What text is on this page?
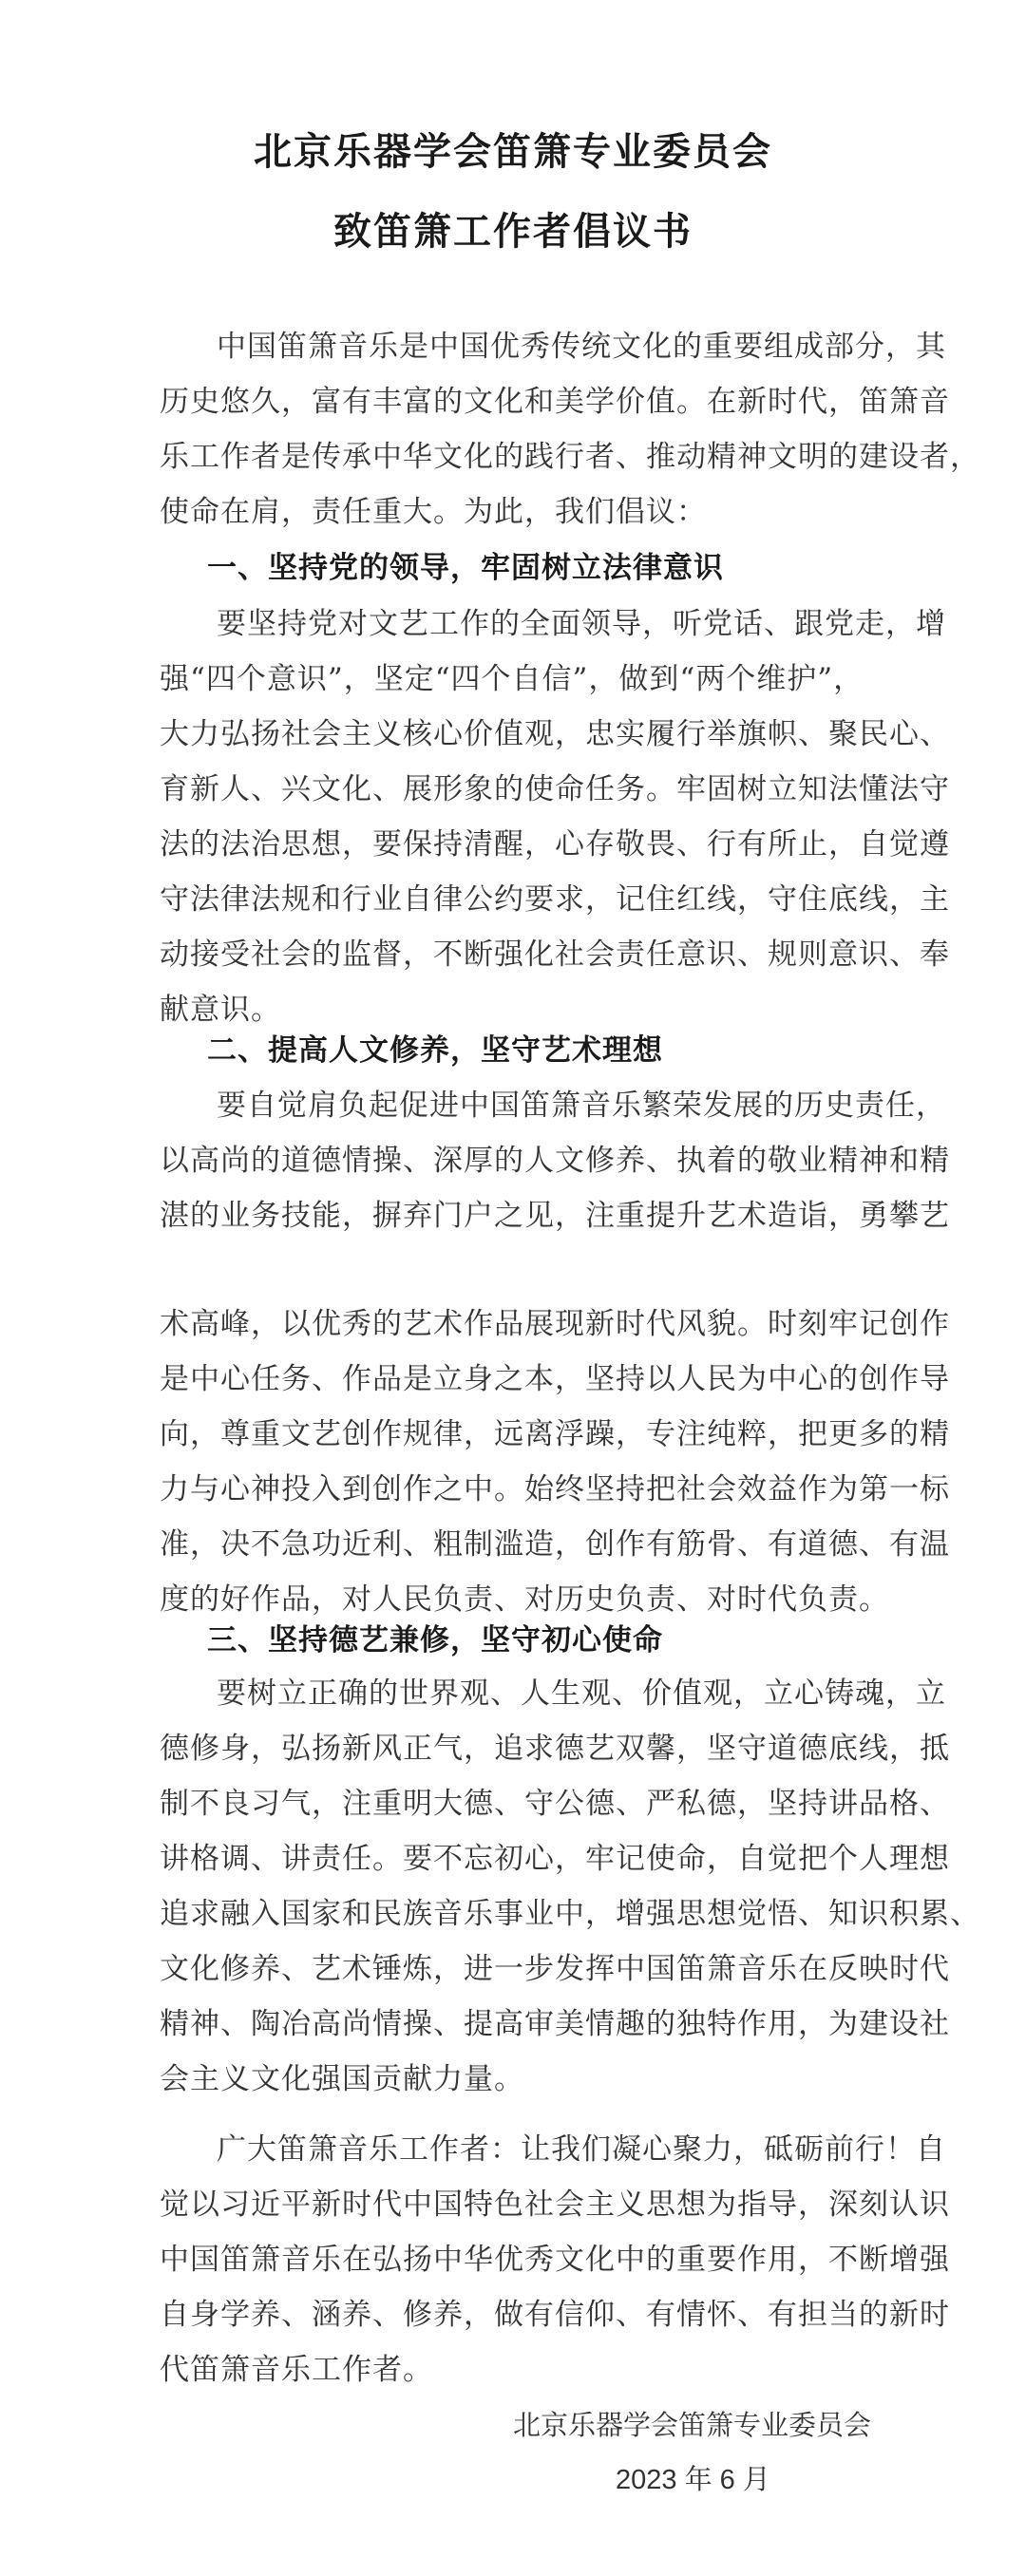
北京乐器学会笛箫专业委员会
致笛箫工作者倡议书
中国笛箫音乐是中国优秀传统文化的重要组成部分，其
历史悠久，富有丰富的文化和美学价值。在新时代，笛箫音
乐工作者是传承中华文化的践行者、推动精神文明的建设者，
使命在肩，责任重大。为此，我们倡议：
一、坚持党的领导，牢固树立法律意识
要坚持党对文艺工作的全面领导，听党话、跟党走，增
强“四个意识”，坚定“四个自信”，做到“两个维护”，
大力弘扬社会主义核心价值观，忠实履行举旗帜、聚民心、
育新人、兴文化、展形象的使命任务。牢固树立知法懂法守
法的法治思想，要保持清醒，心存敬畏、行有所止，自觉遵
守法律法规和行业自律公约要求，记住红线，守住底线，主
动接受社会的监督，不断强化社会责任意识、规则意识、奉
献意识。
二、提高人文修养，坚守艺术理想
要自觉肩负起促进中国笛箫音乐繁荣发展的历史责任，
以高尚的道德情操、深厚的人文修养、执着的敬业精神和精
湛的业务技能，摒弃门户之见，注重提升艺术造诣，勇攀艺
术高峰，以优秀的艺术作品展现新时代风貌。时刻牢记创作
是中心任务、作品是立身之本，坚持以人民为中心的创作导
向，尊重文艺创作规律，远离浮躁，专注纯粹，把更多的精
力与心神投入到创作之中。始终坚持把社会效益作为第一标
准，决不急功近利、粗制滥造，创作有筋骨、有道德、有温
度的好作品，对人民负责、对历史负责、对时代负责。
三、坚持德艺兼修，坚守初心使命
要树立正确的世界观、人生观、价值观，立心铸魂，立
德修身，弘扬新风正气，追求德艺双馨，坚守道德底线，抵
制不良习气，注重明大德、守公德、严私德，坚持讲品格、
讲格调、讲责任。要不忘初心，牢记使命，自觉把个人理想
追求融入国家和民族音乐事业中，增强思想觉悟、知识积累、
文化修养、艺术锤炼，进一步发挥中国笛箫音乐在反映时代
精神、陶冶高尚情操、提高审美情趣的独特作用，为建设社
会主义文化强国贡献力量。
广大笛箫音乐工作者：让我们凝心聚力，砥砺前行！自
觉以习近平新时代中国特色社会主义思想为指导，深刻认识
中国笛箫音乐在弘扬中华优秀文化中的重要作用，不断增强
自身学养、涵养、修养，做有信仰、有情怀、有担当的新时
代笛箫音乐工作者。
北京乐器学会笛箫专业委员会
2023 年 6 月
